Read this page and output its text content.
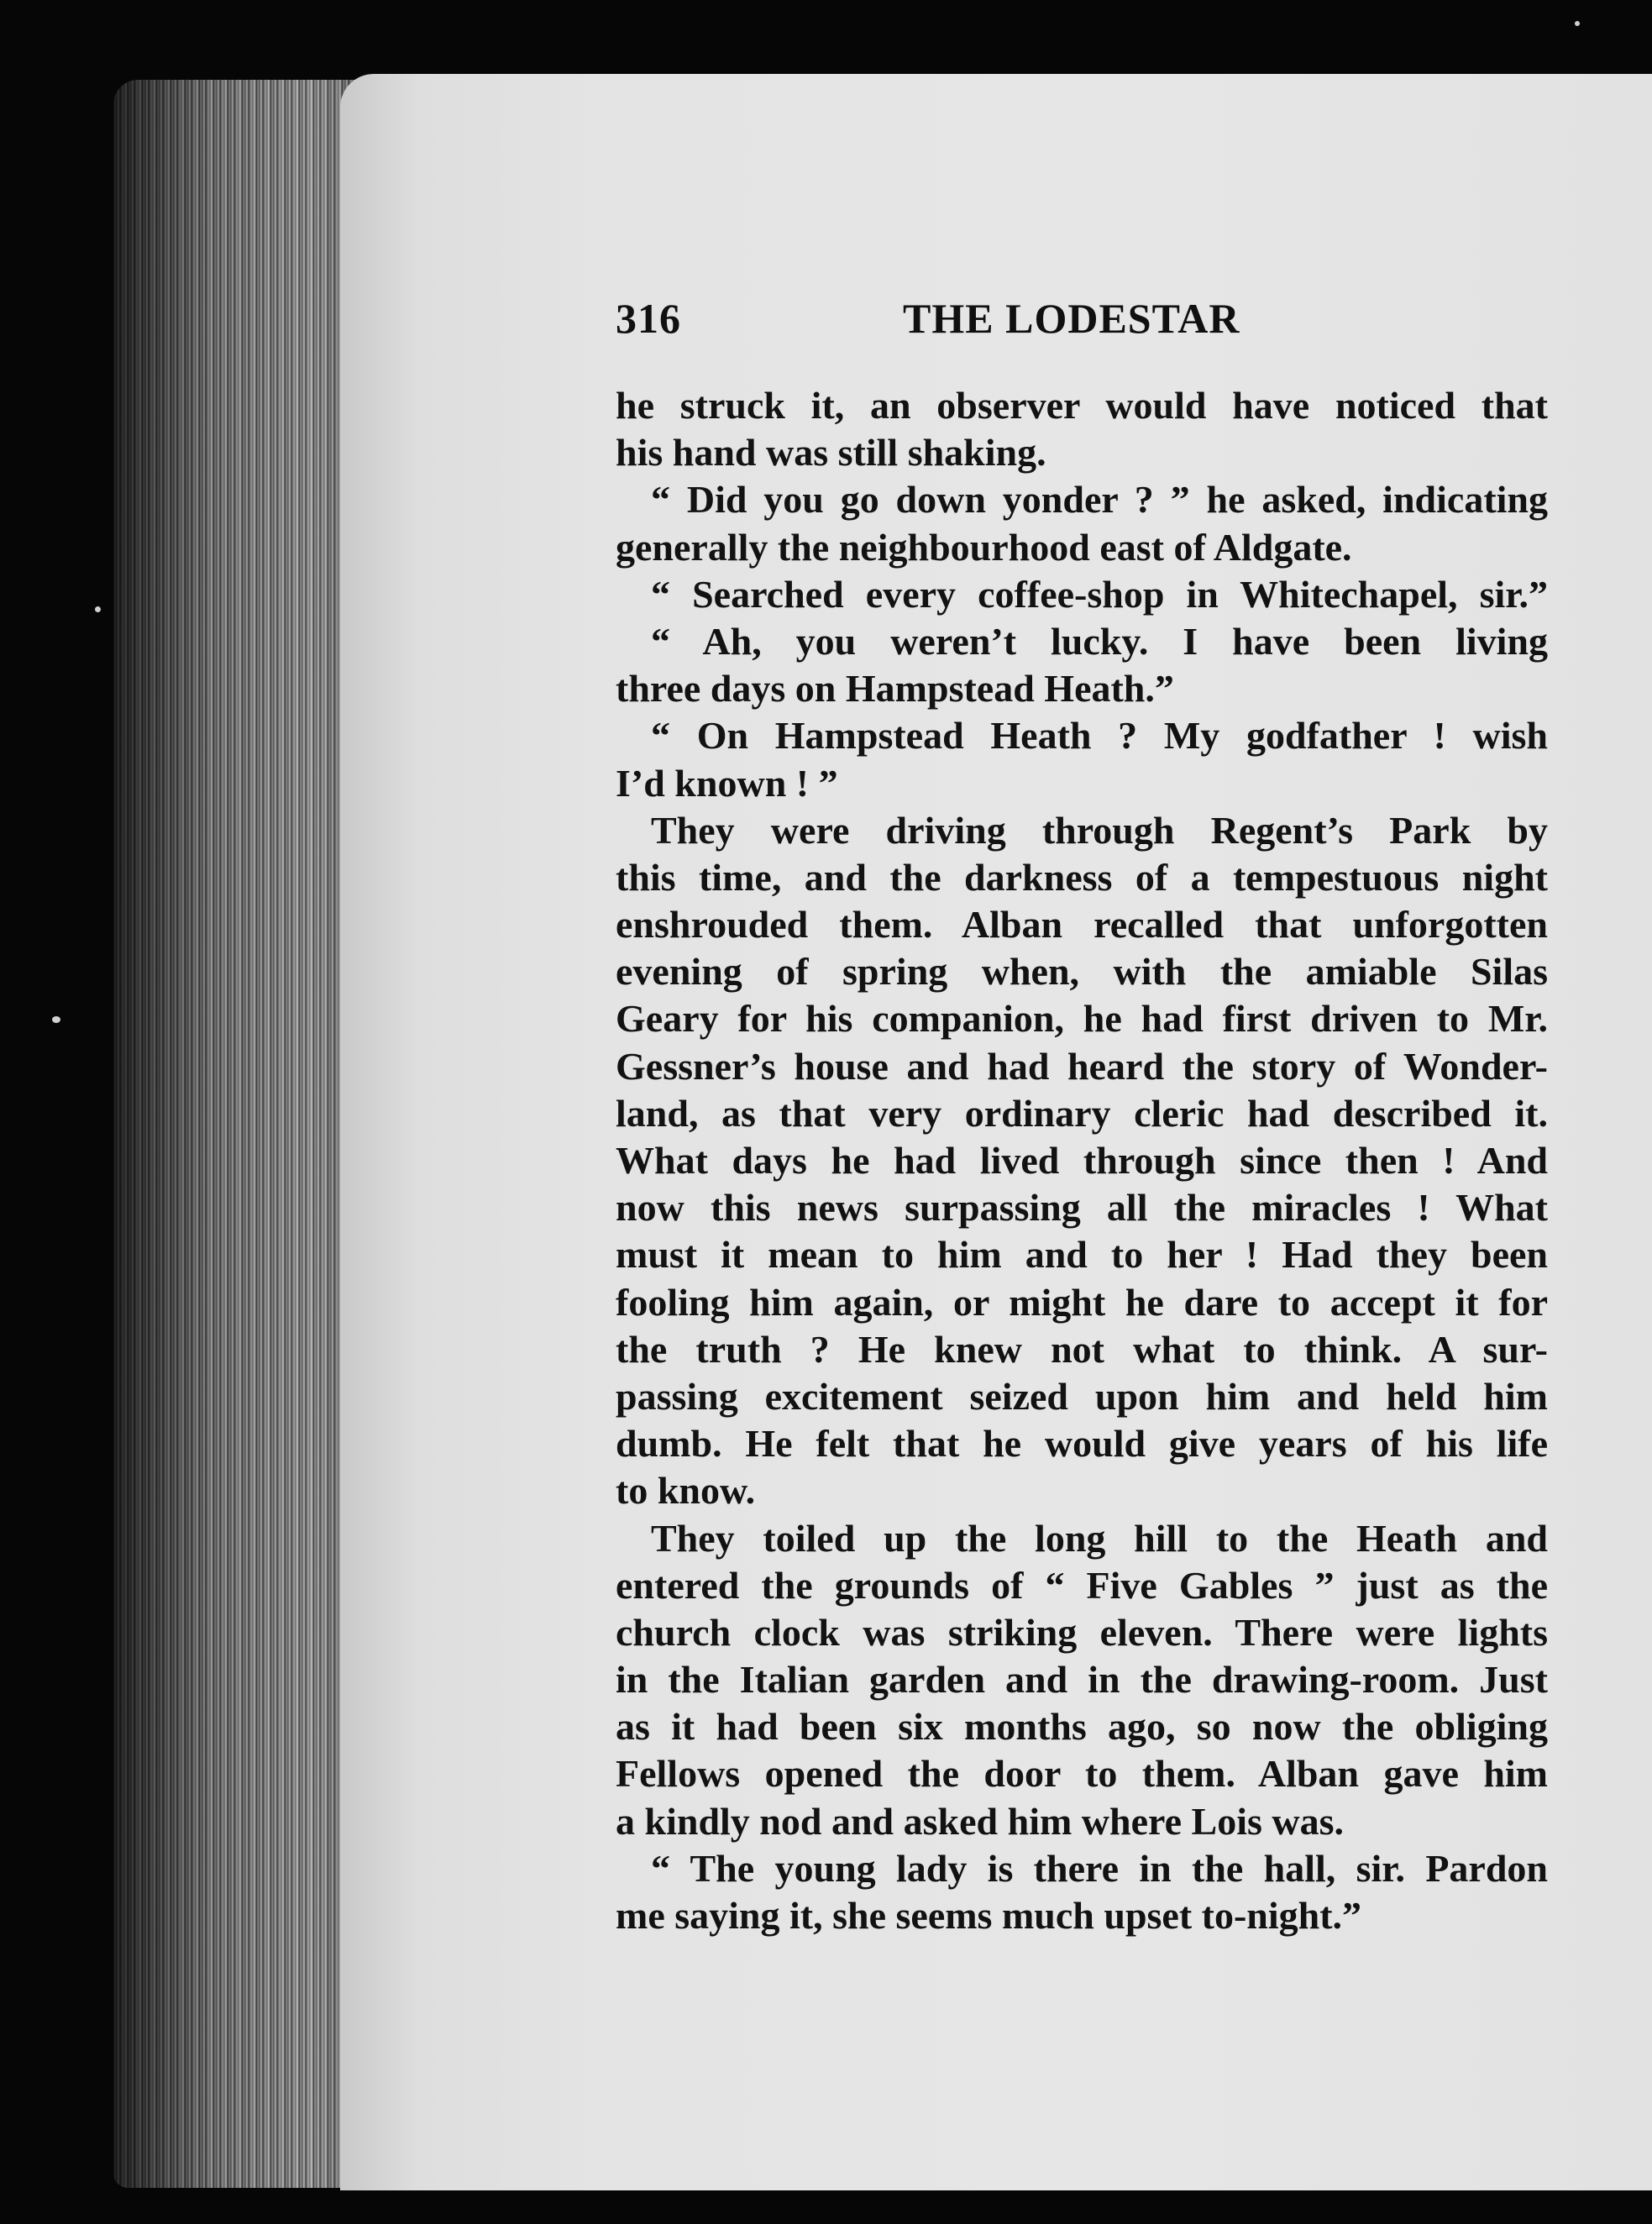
316	THE LODESTAR
he struck it, an observer would have noticed that
his hand was still shaking.
“ Did you go down yonder ? ” he asked, indicating
generally the neighbourhood east of Aldgate.
“ Searched every coffee-shop in Whitechapel, sir.”
“ Ah, you weren’t lucky. I have been living
three days on Hampstead Heath.”
“ On Hampstead Heath ? My godfather ! wish
I’d known ! ”
They were driving through Regent’s Park by
this time, and the darkness of a tempestuous night
enshrouded them. Alban recalled that unforgotten
evening of spring when, with the amiable Silas
Geary for his companion, he had first driven to Mr.
Gessner’s house and had heard the story of Wonder-
land, as that very ordinary cleric had described it.
What days he had lived through since then ! And
now this news surpassing all the miracles ! What
must it mean to him and to her ! Had they been
fooling him again, or might he dare to accept it for
the truth ? He knew not what to think. A sur-
passing excitement seized upon him and held him
dumb. He felt that he would give years of his life
to know.
They toiled up the long hill to the Heath and
entered the grounds of “ Five Gables ” just as the
church clock was striking eleven. There were lights
in the Italian garden and in the drawing-room. Just
as it had been six months ago, so now the obliging
Fellows opened the door to them. Alban gave him
a kindly nod and asked him where Lois was.
“ The young lady is there in the hall, sir. Pardon
me saying it, she seems much upset to-night.”
